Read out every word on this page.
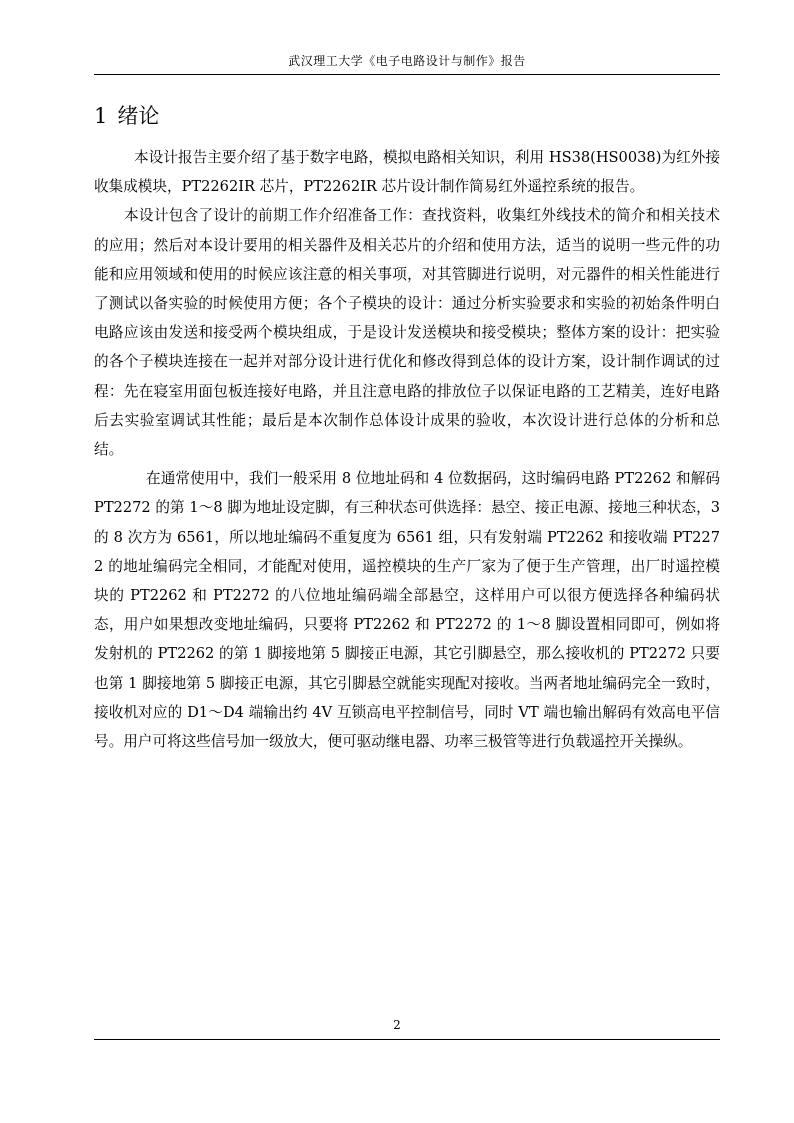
武汉理工大学《电子电路设计与制作》报告
1 绪论

本设计报告主要介绍了基于数字电路，模拟电路相关知识，利用 HS38(HS0038)为红外接收集成模块，PT2262IR 芯片，PT2262IR 芯片设计制作简易红外遥控系统的报告。

本设计包含了设计的前期工作介绍准备工作：查找资料，收集红外线技术的简介和相关技术的应用；然后对本设计要用的相关器件及相关芯片的介绍和使用方法，适当的说明一些元件的功能和应用领域和使用的时候应该注意的相关事项，对其管脚进行说明，对元器件的相关性能进行了测试以备实验的时候使用方便；各个子模块的设计：通过分析实验要求和实验的初始条件明白电路应该由发送和接受两个模块组成，于是设计发送模块和接受模块；整体方案的设计：把实验的各个子模块连接在一起并对部分设计进行优化和修改得到总体的设计方案，设计制作调试的过程：先在寝室用面包板连接好电路，并且注意电路的排放位子以保证电路的工艺精美，连好电路后去实验室调试其性能；最后是本次制作总体设计成果的验收，本次设计进行总体的分析和总结。

在通常使用中，我们一般采用 8 位地址码和 4 位数据码，这时编码电路 PT2262 和解码 PT2272 的第 1～8 脚为地址设定脚，有三种状态可供选择：悬空、接正电源、接地三种状态，3 的 8 次方为 6561，所以地址编码不重复度为 6561 组，只有发射端 PT2262 和接收端 PT2272 的地址编码完全相同，才能配对使用，遥控模块的生产厂家为了便于生产管理，出厂时遥控模块的 PT2262 和 PT2272 的八位地址编码端全部悬空，这样用户可以很方便选择各种编码状态，用户如果想改变地址编码，只要将 PT2262 和 PT2272 的 1～8 脚设置相同即可，例如将发射机的 PT2262 的第 1 脚接地第 5 脚接正电源，其它引脚悬空，那么接收机的 PT2272 只要也第 1 脚接地第 5 脚接正电源，其它引脚悬空就能实现配对接收。当两者地址编码完全一致时，接收机对应的 D1～D4 端输出约 4V 互锁高电平控制信号，同时 VT 端也输出解码有效高电平信号。用户可将这些信号加一级放大，便可驱动继电器、功率三极管等进行负载遥控开关操纵。

2
